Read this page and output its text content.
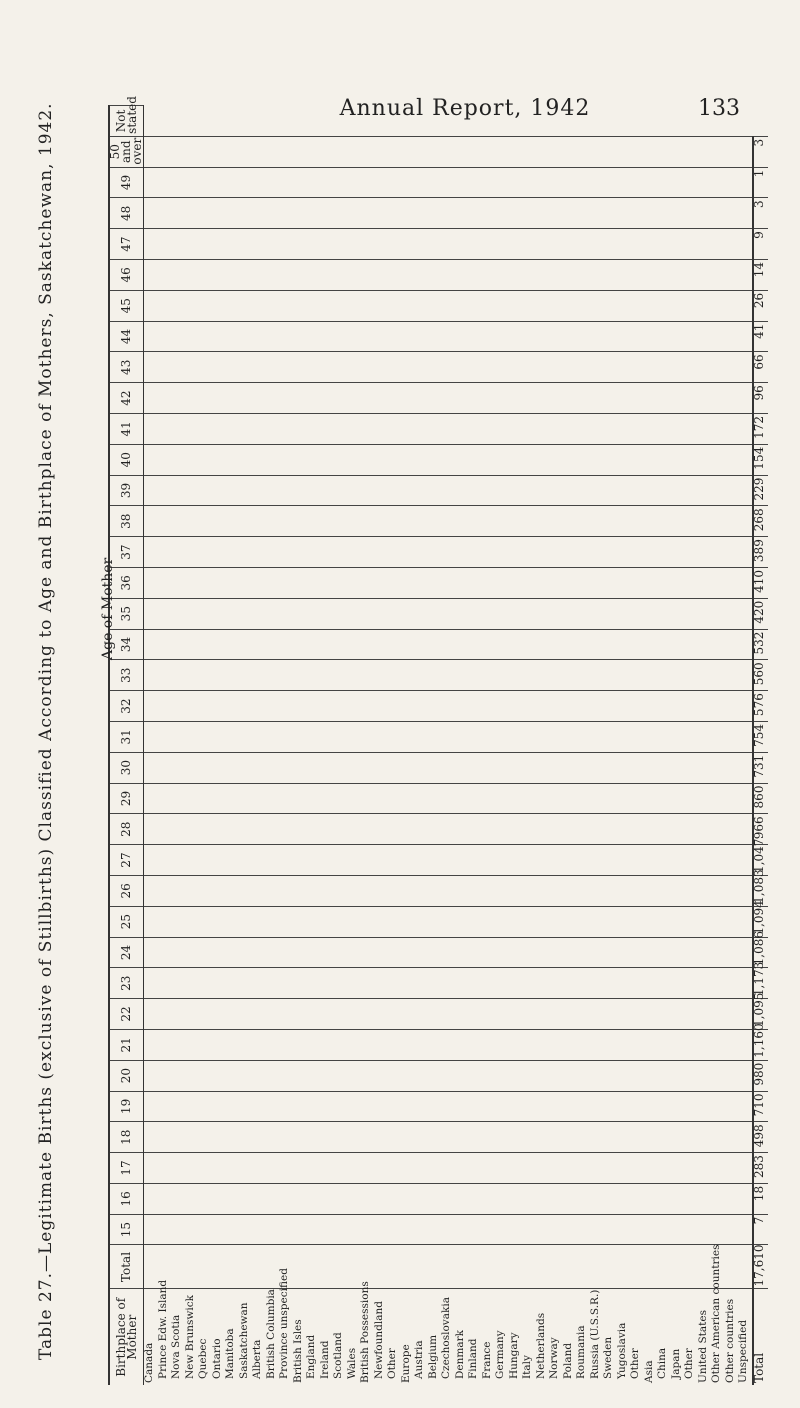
Annual Report, 1942	133
Table 27.—Legitimate Births (exclusive of Stillbirths) Classified According to Age and Birthplace of Mothers, Saskatchewan, 1942.	Birthplace of Mother	Total	15	16	17	18	19	20	21	22	23	24	25	26	27	28	29	30	31	32	33	34	35	36	37	38	39	40	41	42	43	44	45	46	47	48	49	50 and over	Not stated
Canada																																						
Prince Edw. Island																																						
Nova Scotia																																						
New Brunswick																																						
Quebec																																						
Ontario																																						
Manitoba																																						
Saskatchewan																																						
Alberta																																						
British Columbia																																						
Province unspecified																																						
British Isles																																						
England																																						
Ireland																																						
Scotland																																						
Wales																																						
British Possessions																																						
Newfoundland																																						
Other																																						
Europe																																						
Austria																																						
Belgium																																						
Czechoslovakia																																						
Denmark																																						
Finland																																						
France																																						
Germany																																						
Hungary																																						
Italy																																						
Netherlands																																						
Norway																																						
Poland																																						
Roumania																																						
Russia (U.S.S.R.)																																						
Sweden																																						
Yugoslavia																																						
Other																																						
Asia																																						
China																																						
Japan																																						
Other																																						
United States																																						
Other American countries																																						
Other countries																																						
Unspecified																																						
Total	17,610	7	18	283	498	710	980	1,160	1,095	1,173	1,086	1,094	1,083	1,047	966	860	731	754	576	560	532	420	410	389	268	229	154	172	96	66	41	26	14	9	3	1	3	
Age of Mother
